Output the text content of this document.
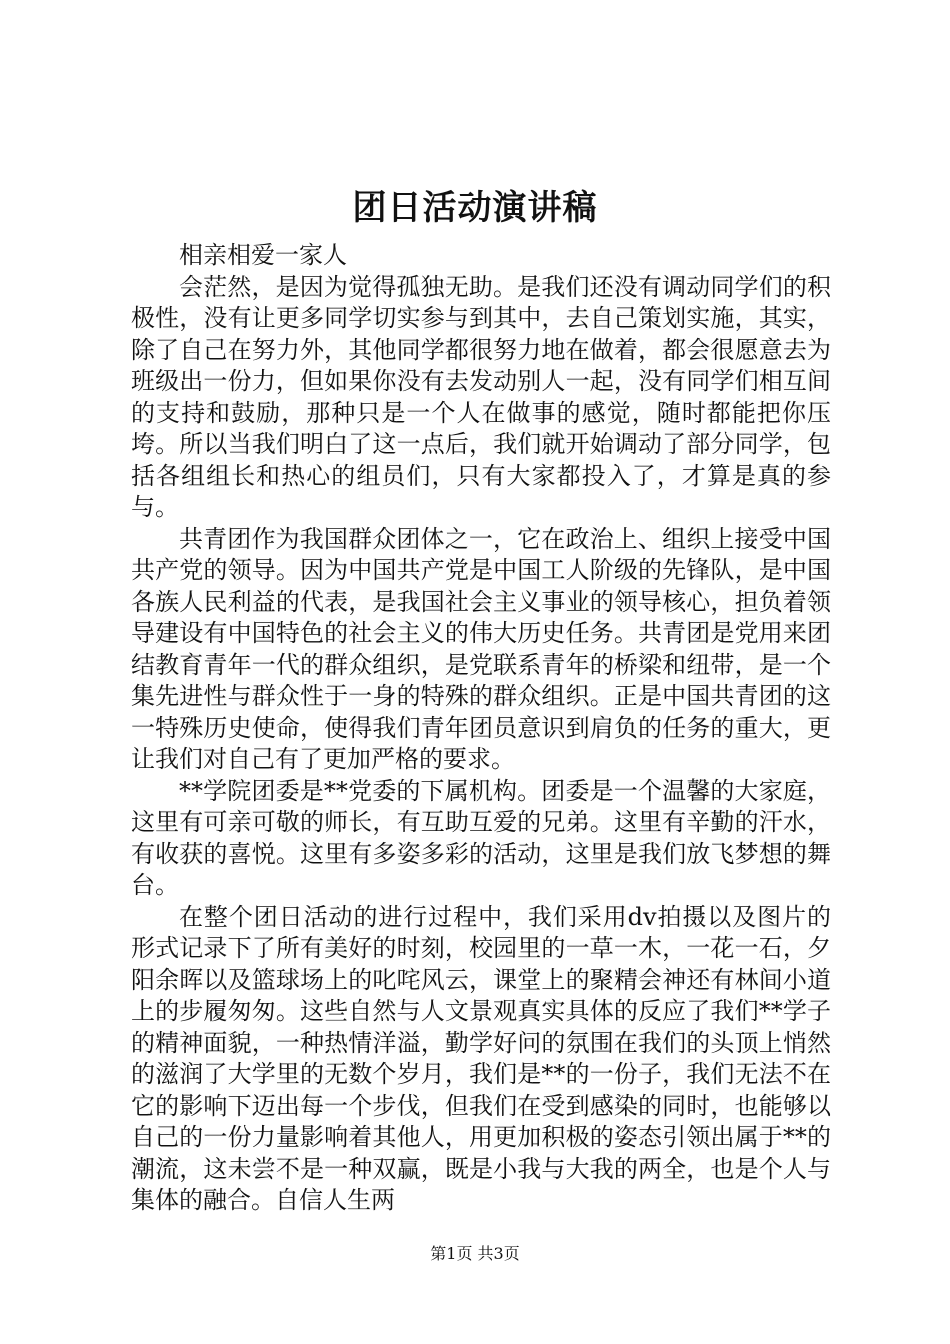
团日活动演讲稿

相亲相爱一家人

会茫然，是因为觉得孤独无助。是我们还没有调动同学们的积极性，没有让更多同学切实参与到其中，去自己策划实施，其实，除了自己在努力外，其他同学都很努力地在做着，都会很愿意去为班级出一份力，但如果你没有去发动别人一起，没有同学们相互间的支持和鼓励，那种只是一个人在做事的感觉，随时都能把你压垮。所以当我们明白了这一点后，我们就开始调动了部分同学，包括各组组长和热心的组员们，只有大家都投入了，才算是真的参与。

共青团作为我国群众团体之一，它在政治上、组织上接受中国共产党的领导。因为中国共产党是中国工人阶级的先锋队，是中国各族人民利益的代表，是我国社会主义事业的领导核心，担负着领导建设有中国特色的社会主义的伟大历史任务。共青团是党用来团结教育青年一代的群众组织，是党联系青年的桥梁和纽带，是一个集先进性与群众性于一身的特殊的群众组织。正是中国共青团的这一特殊历史使命，使得我们青年团员意识到肩负的任务的重大，更让我们对自己有了更加严格的要求。

**学院团委是**党委的下属机构。团委是一个温馨的大家庭，这里有可亲可敬的师长，有互助互爱的兄弟。这里有辛勤的汗水，有收获的喜悦。这里有多姿多彩的活动，这里是我们放飞梦想的舞台。

在整个团日活动的进行过程中，我们采用dv拍摄以及图片的形式记录下了所有美好的时刻，校园里的一草一木，一花一石，夕阳余晖以及篮球场上的叱咤风云，课堂上的聚精会神还有林间小道上的步履匆匆。这些自然与人文景观真实具体的反应了我们**学子的精神面貌，一种热情洋溢，勤学好问的氛围在我们的头顶上悄然的滋润了大学里的无数个岁月，我们是**的一份子，我们无法不在它的影响下迈出每一个步伐，但我们在受到感染的同时，也能够以自己的一份力量影响着其他人，用更加积极的姿态引领出属于**的潮流，这未尝不是一种双赢，既是小我与大我的两全，也是个人与集体的融合。自信人生两

第1页 共3页
